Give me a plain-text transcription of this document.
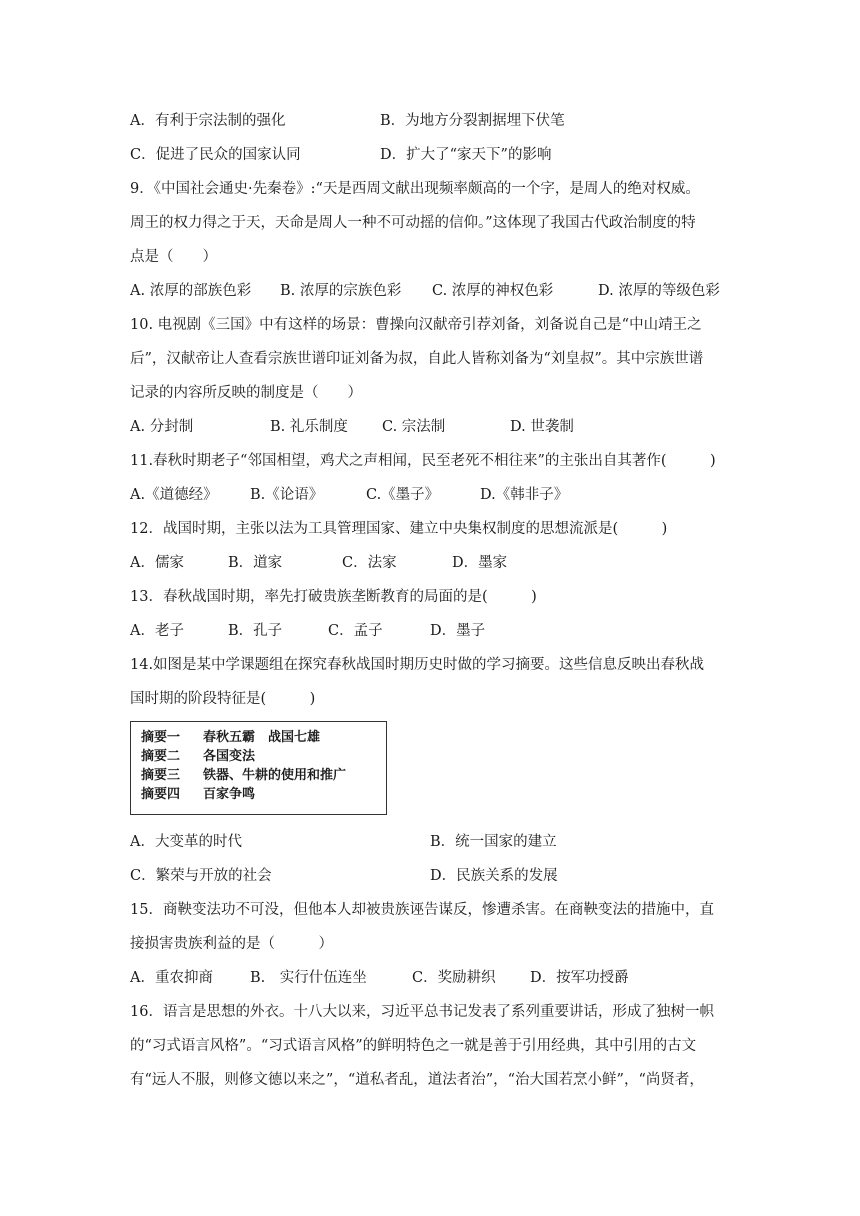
A．有利于宗法制的强化	B．为地方分裂割据埋下伏笔
C．促进了民众的国家认同	D．扩大了“家天下”的影响
9．《中国社会通史·先秦卷》:“天是西周文献出现频率颇高的一个字，是周人的绝对权威。
周王的权力得之于天，天命是周人一种不可动摇的信仰。”这体现了我国古代政治制度的特
点是（　　）
A. 浓厚的部族色彩 B. 浓厚的宗族色彩 C. 浓厚的神权色彩	D. 浓厚的等级色彩
10. 电视剧《三国》中有这样的场景：曹操向汉献帝引荐刘备，刘备说自己是“中山靖王之
后”，汉献帝让人查看宗族世谱印证刘备为叔，自此人皆称刘备为“刘皇叔”。其中宗族世谱
记录的内容所反映的制度是（　　）
A. 分封制	B. 礼乐制度 C. 宗法制	D. 世袭制
11.春秋时期老子“邻国相望，鸡犬之声相闻，民至老死不相往来”的主张出自其著作(　　　)
A.《道德经》 B.《论语》	C.《墨子》	D.《韩非子》
12．战国时期，主张以法为工具管理国家、建立中央集权制度的思想流派是(　　　)
A．儒家	B．道家	C．法家	D．墨家
13．春秋战国时期，率先打破贵族垄断教育的局面的是(　　　)
A．老子	B．孔子	C．孟子	D．墨子
14.如图是某中学课题组在探究春秋战国时期历史时做的学习摘要。这些信息反映出春秋战
国时期的阶段特征是(　　　)
摘要一 春秋五霸　战国七雄
摘要二 各国变法
摘要三 铁器、牛耕的使用和推广
摘要四 百家争鸣
A．大变革的时代	B．统一国家的建立
C．繁荣与开放的社会	D．民族关系的发展
15．商鞅变法功不可没，但他本人却被贵族诬告谋反，惨遭杀害。在商鞅变法的措施中，直
接损害贵族利益的是（　　　）
A．重农抑商	B.　实行什伍连坐	C．奖励耕织 D．按军功授爵
16．语言是思想的外衣。十八大以来，习近平总书记发表了系列重要讲话，形成了独树一帜
的“习式语言风格”。“习式语言风格”的鲜明特色之一就是善于引用经典，其中引用的古文
有“远人不服，则修文德以来之”，“道私者乱，道法者治”，“治大国若烹小鲜”，“尚贤者，
